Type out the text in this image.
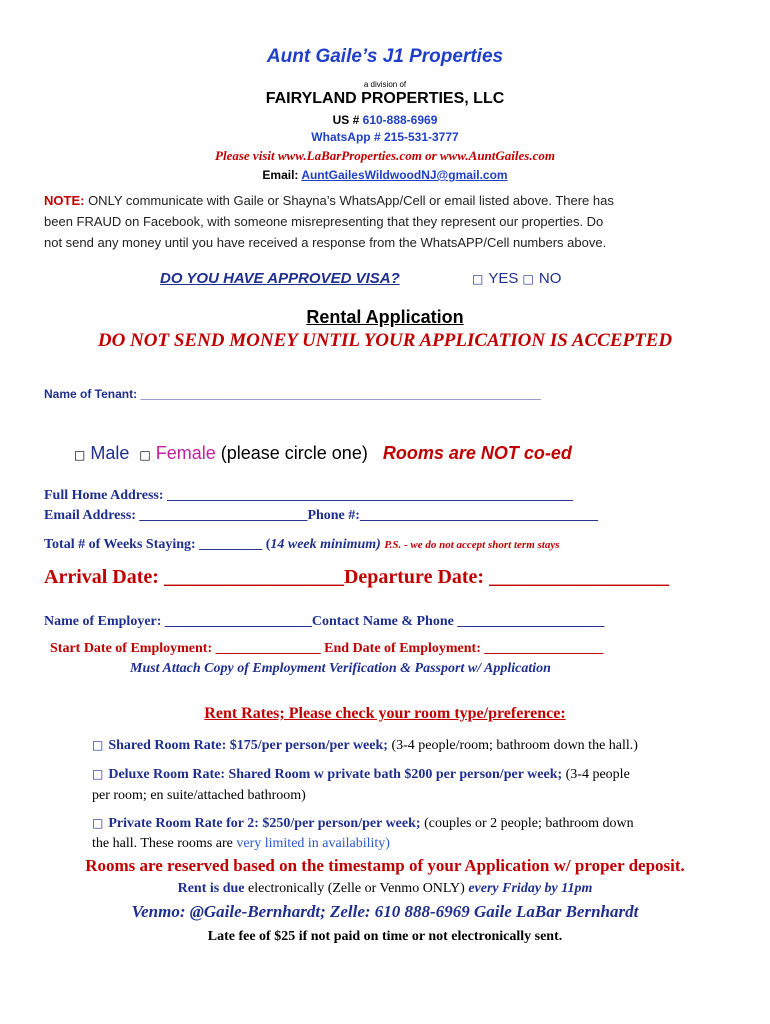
Aunt Gaile’s J1 Properties
a division of
FAIRYLAND PROPERTIES, LLC
US # 610-888-6969
WhatsApp # 215-531-3777
Please visit www.LaBarProperties.com or www.AuntGailes.com
Email: AuntGailesWildwoodNJ@gmail.com
NOTE: ONLY communicate with Gaile or Shayna’s WhatsApp/Cell or email listed above. There has
been FRAUD on Facebook, with someone misrepresenting that they represent our properties. Do
not send any money until you have received a response from the WhatsAPP/Cell numbers above.
DO YOU HAVE APPROVED VISA?	□ YES □ NO
Rental Application
DO NOT SEND MONEY UNTIL YOUR APPLICATION IS ACCEPTED
Name of Tenant: ____________________________________________________________
□ Male □ Female (please circle one) Rooms are NOT co-ed
Full Home Address: __________________________________________________________
Email Address: ________________________Phone #:__________________________________
Total # of Weeks Staying: _________ (14 week minimum) P.S. - we do not accept short term stays
Arrival Date: __________________Departure Date: __________________
Name of Employer: _____________________Contact Name & Phone _____________________
Start Date of Employment: _______________ End Date of Employment: _________________
Must Attach Copy of Employment Verification & Passport w/ Application
Rent Rates; Please check your room type/preference:
□ Shared Room Rate: $175/per person/per week; (3-4 people/room; bathroom down the hall.)
□ Deluxe Room Rate: Shared Room w private bath $200 per person/per week; (3-4 people
per room; en suite/attached bathroom)
□ Private Room Rate for 2: $250/per person/per week; (couples or 2 people; bathroom down
the hall. These rooms are very limited in availability)
Rooms are reserved based on the timestamp of your Application w/ proper deposit.
Rent is due electronically (Zelle or Venmo ONLY) every Friday by 11pm
Venmo: @Gaile-Bernhardt; Zelle: 610 888-6969 Gaile LaBar Bernhardt
Late fee of $25 if not paid on time or not electronically sent.
